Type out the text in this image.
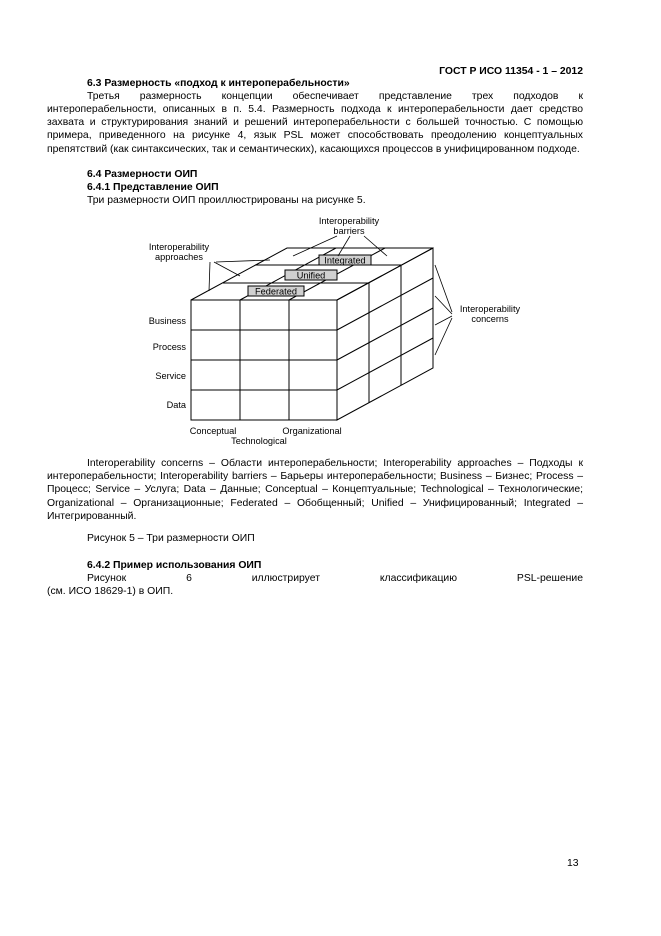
ГОСТ Р ИСО 11354 - 1 – 2012
6.3 Размерность «подход к интероперабельности»
Третья размерность концепции обеспечивает представление трех подходов к
интероперабельности, описанных в п. 5.4. Размерность подхода к интероперабельности дает средство захвата и структурирования знаний и решений интероперабельности с большей точностью. С помощью примера, приведенного на рисунке 4, язык PSL может способствовать преодолению концептуальных препятствий (как синтаксических, так и семантических), касающихся процессов в унифицированном подходе.
6.4 Размерности ОИП
6.4.1 Представление ОИП
Три размерности ОИП проиллюстрированы на рисунке 5.
Integrated
Unified
Federated
Interoperability
barriers
Interoperability
approaches
Interoperability
concerns
Business
Process
Service
Data
Conceptual	Organizational
Technological
Interoperability concerns – Области интероперабельности; Interoperability approaches – Подходы к интероперабельности; Interoperability barriers – Барьеры интероперабельности; Business – Бизнес; Process – Процесс; Service – Услуга; Data – Данные; Conceptual – Концептуальные; Technological – Технологические; Organizational – Организационные; Federated – Обобщенный; Unified – Унифицированный; Integrated – Интегрированный.
Рисунок 5 – Три размерности ОИП
6.4.2 Пример использования ОИП
Рисунок 6 иллюстрирует классификацию PSL-решение
(см. ИСО 18629-1) в ОИП.
13
